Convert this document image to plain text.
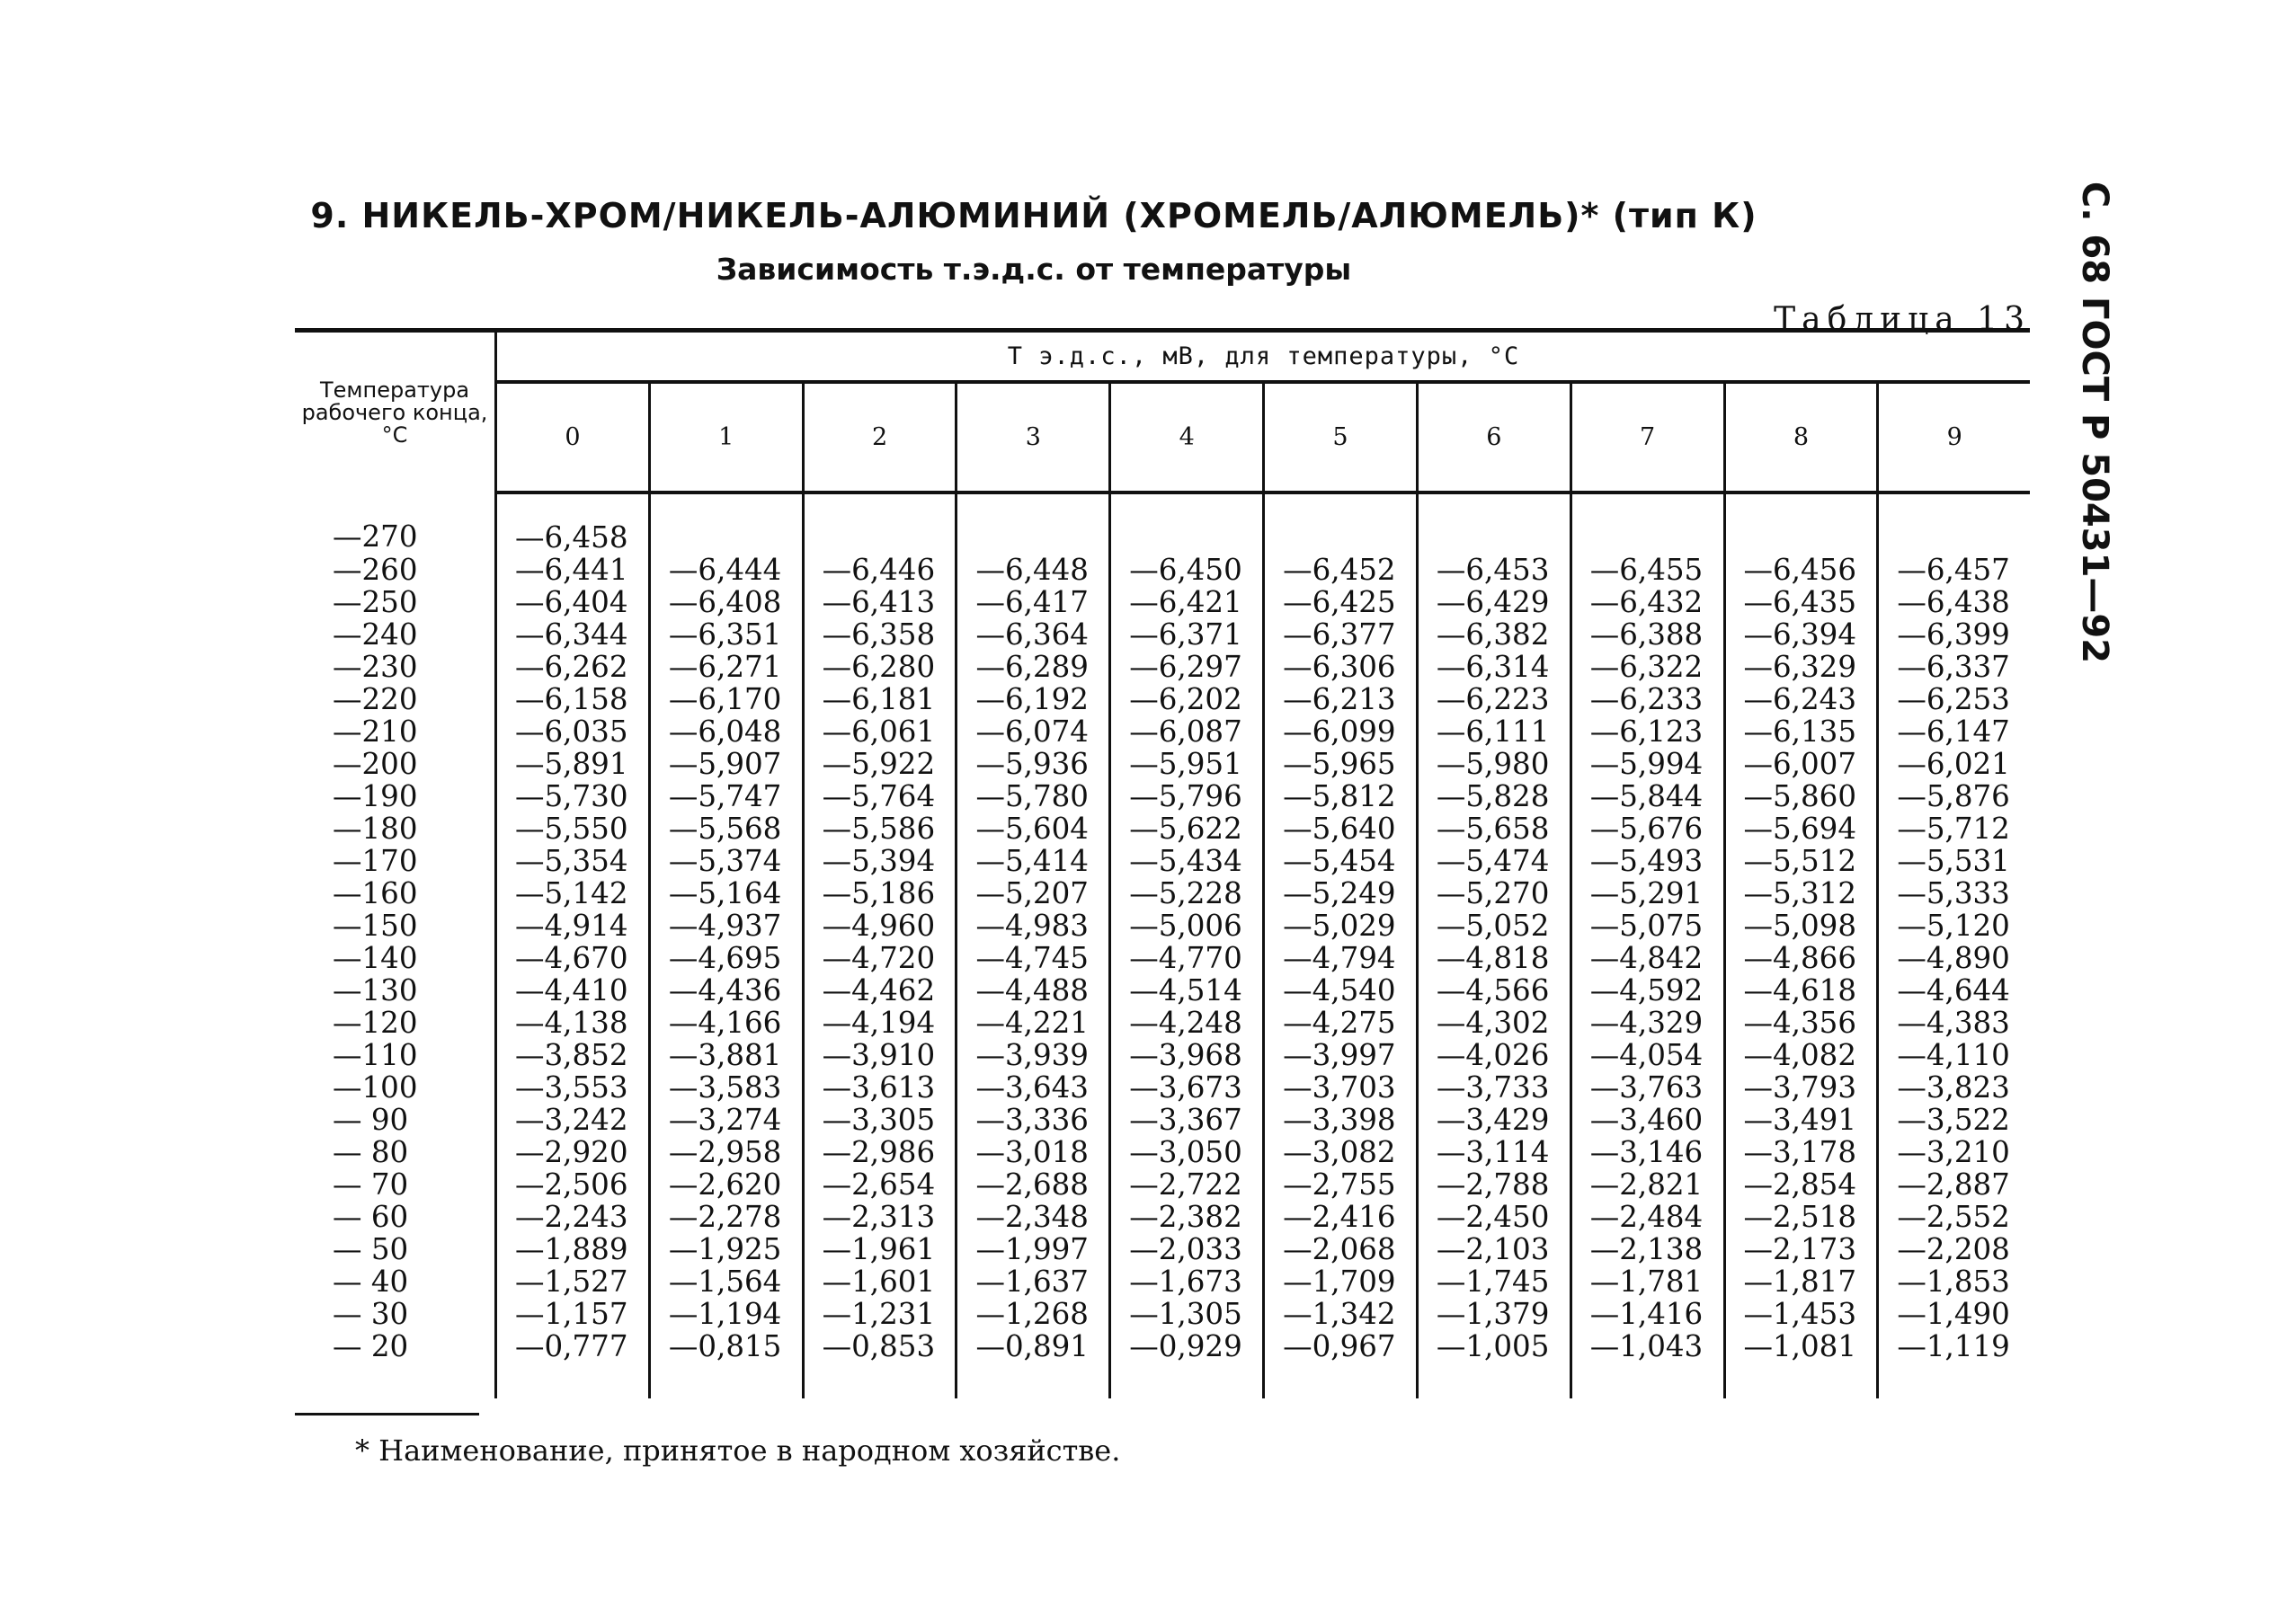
9. НИКЕЛЬ-ХРОМ/НИКЕЛЬ-АЛЮМИНИЙ (ХРОМЕЛЬ/АЛЮМЕЛЬ)* (тип К)
Зависимость т.э.д.с. от температуры
Таблица 13 С. 68 ГОСТ Р 50431—92
Температура рабочего конца, °С	Т э.д.с., мВ, для температуры, °С									
	0	1	2	3	4	5	6	7	8	9
—270	—6,458									
—260	—6,441	—6,444	—6,446	—6,448	—6,450	—6,452	—6,453	—6,455	—6,456	—6,457
—250	—6,404	—6,408	—6,413	—6,417	—6,421	—6,425	—6,429	—6,432	—6,435	—6,438
—240	—6,344	—6,351	—6,358	—6,364	—6,371	—6,377	—6,382	—6,388	—6,394	—6,399
—230	—6,262	—6,271	—6,280	—6,289	—6,297	—6,306	—6,314	—6,322	—6,329	—6,337
—220	—6,158	—6,170	—6,181	—6,192	—6,202	—6,213	—6,223	—6,233	—6,243	—6,253
—210	—6,035	—6,048	—6,061	—6,074	—6,087	—6,099	—6,111	—6,123	—6,135	—6,147
—200	—5,891	—5,907	—5,922	—5,936	—5,951	—5,965	—5,980	—5,994	—6,007	—6,021
—190	—5,730	—5,747	—5,764	—5,780	—5,796	—5,812	—5,828	—5,844	—5,860	—5,876
—180	—5,550	—5,568	—5,586	—5,604	—5,622	—5,640	—5,658	—5,676	—5,694	—5,712
—170	—5,354	—5,374	—5,394	—5,414	—5,434	—5,454	—5,474	—5,493	—5,512	—5,531
—160	—5,142	—5,164	—5,186	—5,207	—5,228	—5,249	—5,270	—5,291	—5,312	—5,333
—150	—4,914	—4,937	—4,960	—4,983	—5,006	—5,029	—5,052	—5,075	—5,098	—5,120
—140	—4,670	—4,695	—4,720	—4,745	—4,770	—4,794	—4,818	—4,842	—4,866	—4,890
—130	—4,410	—4,436	—4,462	—4,488	—4,514	—4,540	—4,566	—4,592	—4,618	—4,644
—120	—4,138	—4,166	—4,194	—4,221	—4,248	—4,275	—4,302	—4,329	—4,356	—4,383
—110	—3,852	—3,881	—3,910	—3,939	—3,968	—3,997	—4,026	—4,054	—4,082	—4,110
—100	—3,553	—3,583	—3,613	—3,643	—3,673	—3,703	—3,733	—3,763	—3,793	—3,823
— 90	—3,242	—3,274	—3,305	—3,336	—3,367	—3,398	—3,429	—3,460	—3,491	—3,522
— 80	—2,920	—2,958	—2,986	—3,018	—3,050	—3,082	—3,114	—3,146	—3,178	—3,210
— 70	—2,506	—2,620	—2,654	—2,688	—2,722	—2,755	—2,788	—2,821	—2,854	—2,887
— 60	—2,243	—2,278	—2,313	—2,348	—2,382	—2,416	—2,450	—2,484	—2,518	—2,552
— 50	—1,889	—1,925	—1,961	—1,997	—2,033	—2,068	—2,103	—2,138	—2,173	—2,208
— 40	—1,527	—1,564	—1,601	—1,637	—1,673	—1,709	—1,745	—1,781	—1,817	—1,853
— 30	—1,157	—1,194	—1,231	—1,268	—1,305	—1,342	—1,379	—1,416	—1,453	—1,490
— 20	—0,777	—0,815	—0,853	—0,891	—0,929	—0,967	—1,005	—1,043	—1,081	—1,119
* Наименование, принятое в народном хозяйстве.
